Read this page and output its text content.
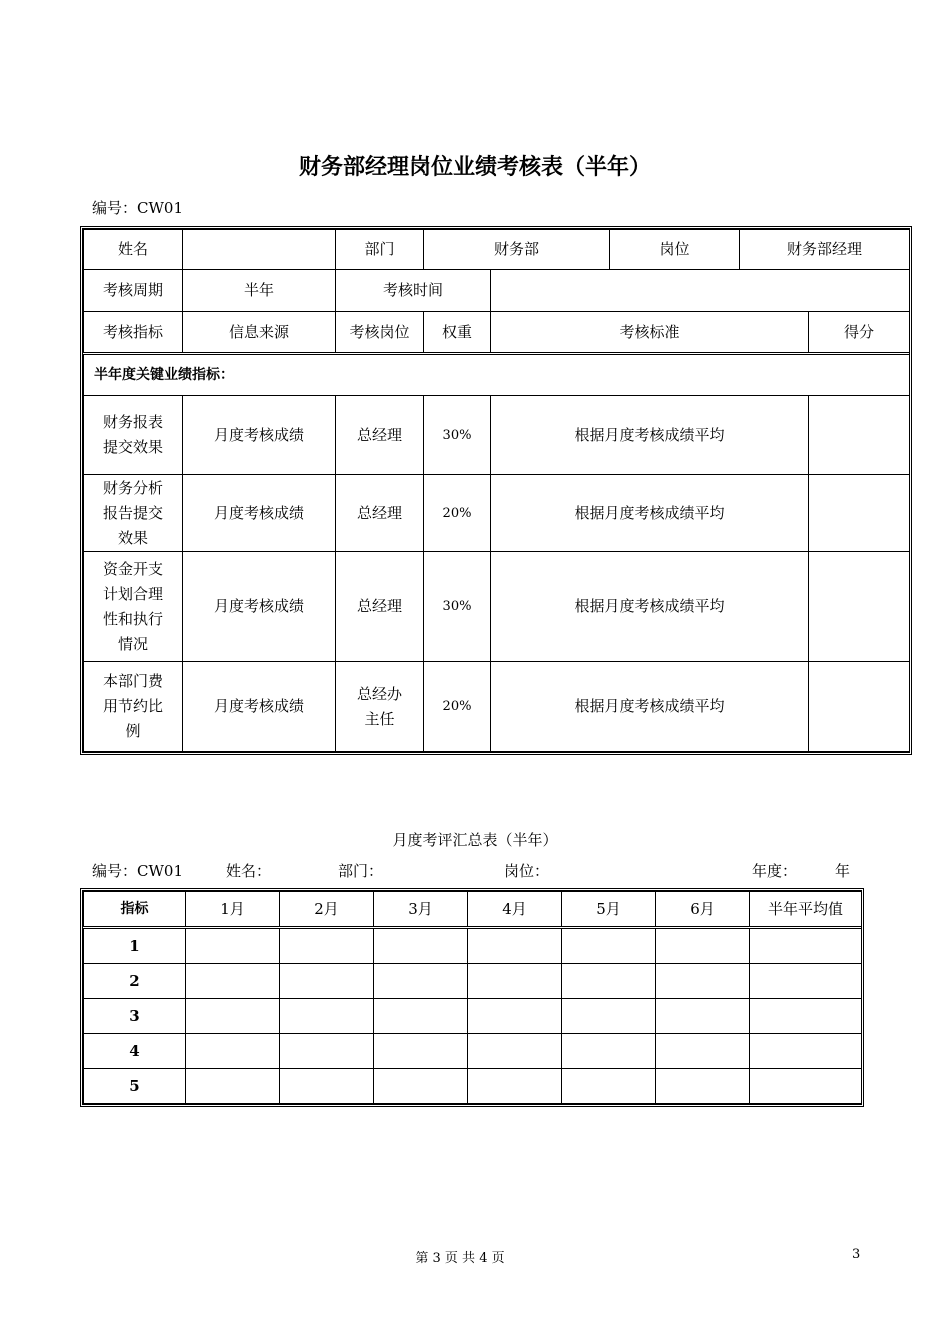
财务部经理岗位业绩考核表（半年）
编号：CW01
姓名		部门	财务部		岗位	财务部经理	
考核周期	半年	考核时间					
考核指标	信息来源	考核岗位	权重	考核标准			得分
半年度关键业绩指标：							
财务报表提交效果	月度考核成绩	总经理	30%	根据月度考核成绩平均			
财务分析报告提交效果	月度考核成绩	总经理	20%	根据月度考核成绩平均			
资金开支计划合理性和执行情况	月度考核成绩	总经理	30%	根据月度考核成绩平均			
本部门费用节约比例	月度考核成绩	总经办主任	20%	根据月度考核成绩平均			
月度考评汇总表（半年）
编号：CW01	姓名：	部门：	岗位：	年度：	年
指标	1月	2月	3月	4月	5月	6月	半年平均值
1							
2							
3							
4							
5							
第 3 页 共 4 页	3
